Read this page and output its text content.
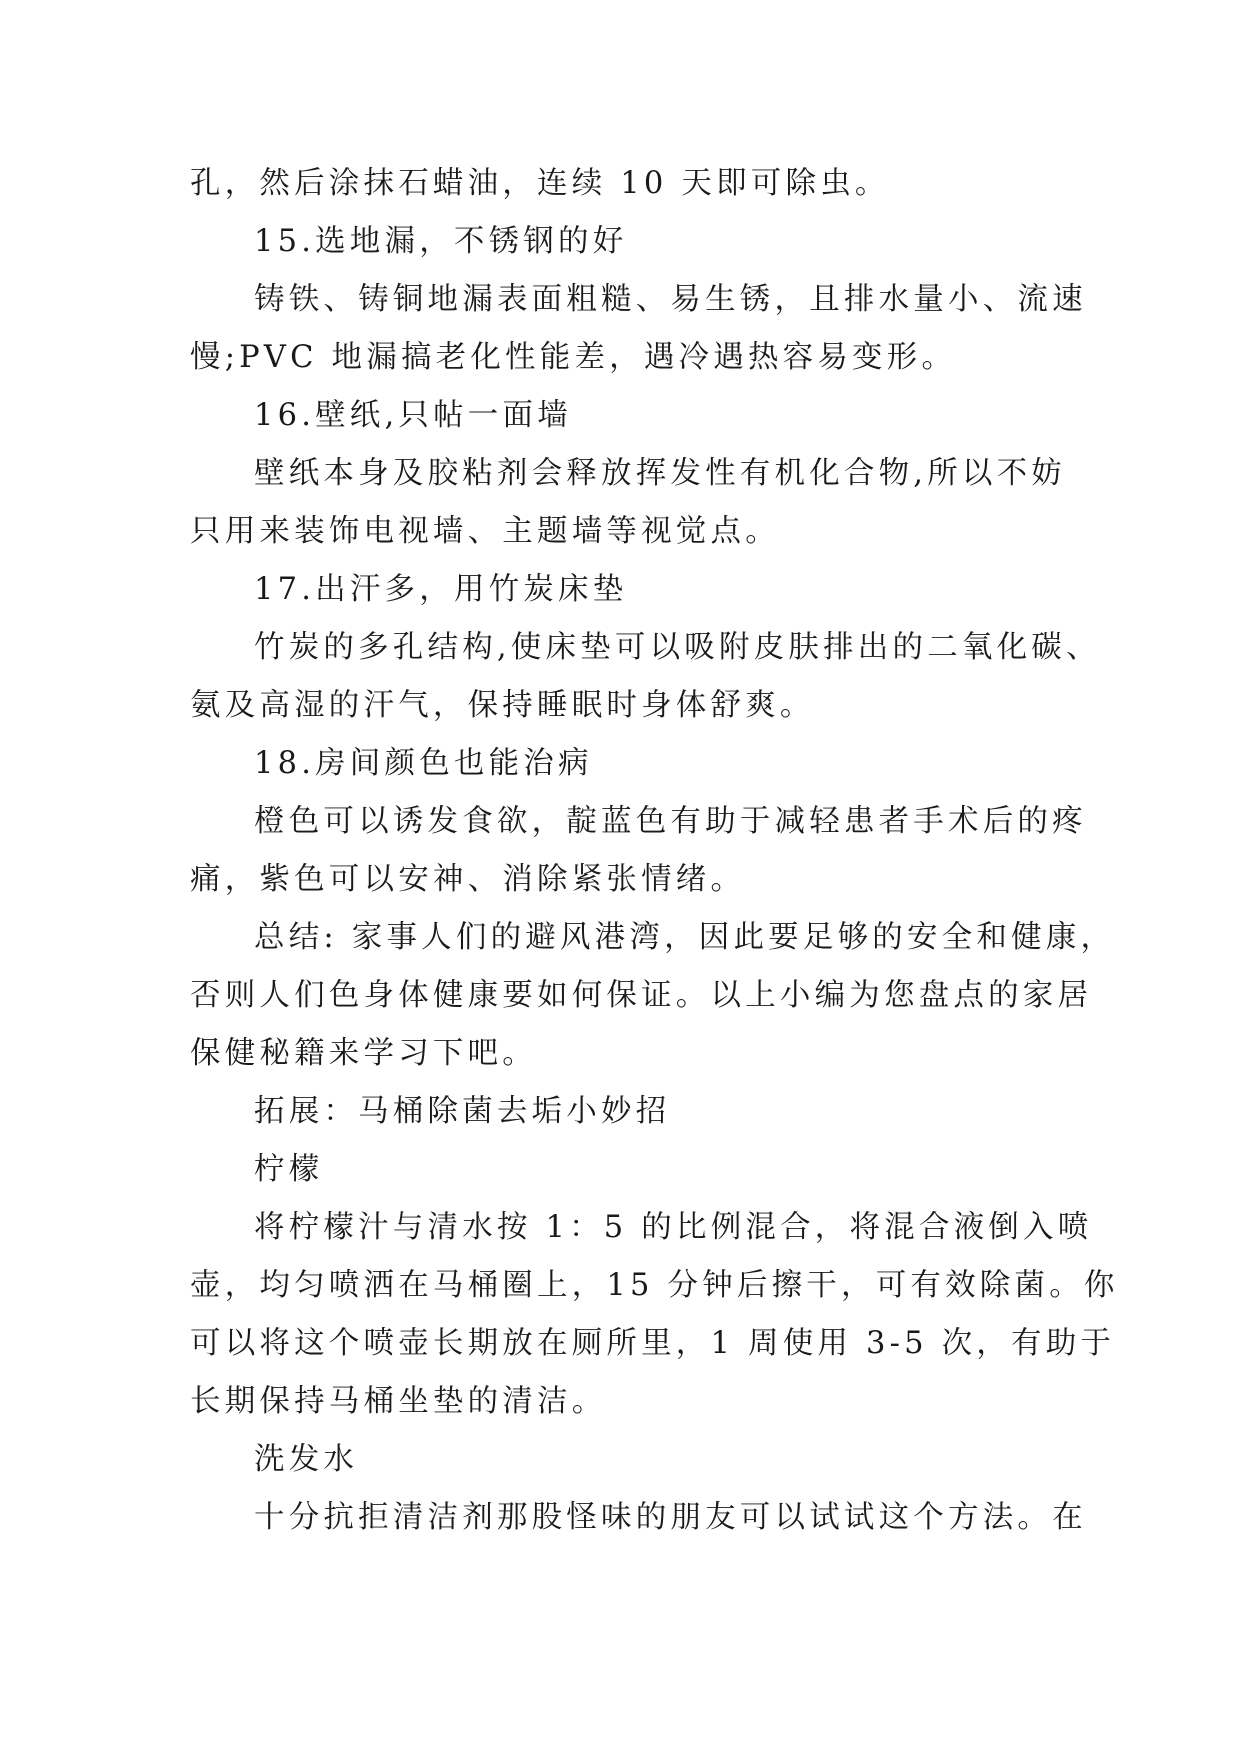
孔，然后涂抹石蜡油，连续 10 天即可除虫。
15.选地漏，不锈钢的好
铸铁、铸铜地漏表面粗糙、易生锈，且排水量小、流速
慢;PVC 地漏搞老化性能差，遇冷遇热容易变形。
16.壁纸,只帖一面墙
壁纸本身及胶粘剂会释放挥发性有机化合物,所以不妨
只用来装饰电视墙、主题墙等视觉点。
17.出汗多，用竹炭床垫
竹炭的多孔结构,使床垫可以吸附皮肤排出的二氧化碳、
氨及高湿的汗气，保持睡眠时身体舒爽。
18.房间颜色也能治病
橙色可以诱发食欲，靛蓝色有助于减轻患者手术后的疼
痛，紫色可以安神、消除紧张情绪。
总结: 家事人们的避风港湾，因此要足够的安全和健康，
否则人们色身体健康要如何保证。以上小编为您盘点的家居
保健秘籍来学习下吧。
拓展：马桶除菌去垢小妙招
柠檬
将柠檬汁与清水按 1：5 的比例混合，将混合液倒入喷
壶，均匀喷洒在马桶圈上，15 分钟后擦干，可有效除菌。你
可以将这个喷壶长期放在厕所里，1 周使用 3-5 次，有助于
长期保持马桶坐垫的清洁。
洗发水
十分抗拒清洁剂那股怪味的朋友可以试试这个方法。在
